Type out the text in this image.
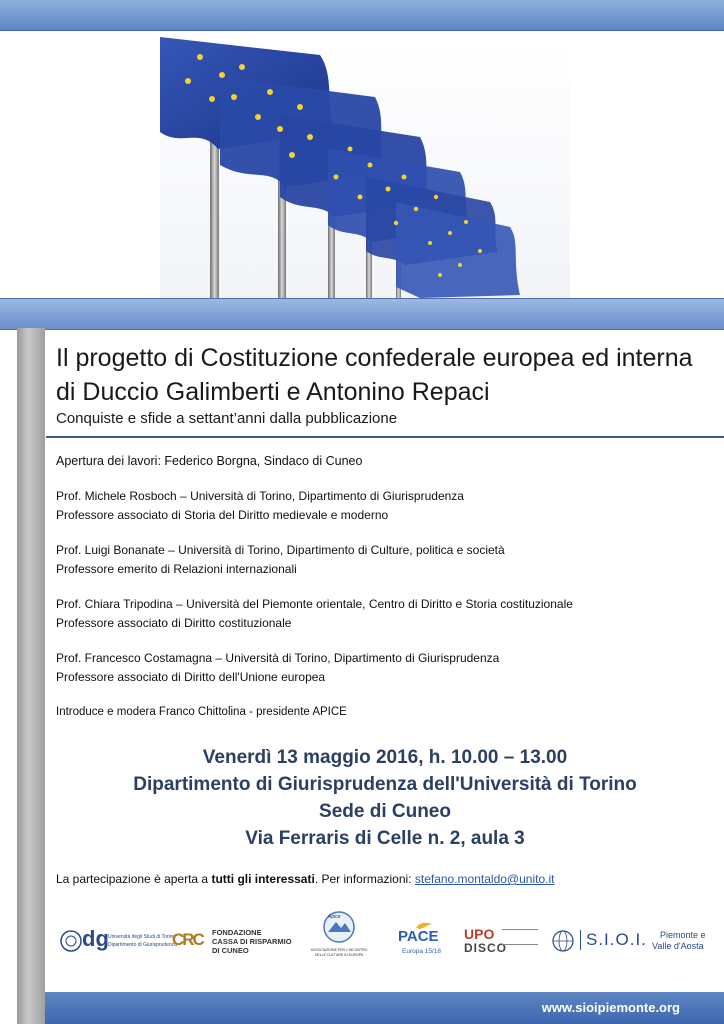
Il progetto di Costituzione confederale europea ed interna di Duccio Galimberti e Antonino Repaci
Conquiste e sfide a settant’anni dalla pubblicazione
Apertura dei lavori: Federico Borgna, Sindaco di Cuneo
Prof. Michele Rosboch – Università di Torino, Dipartimento di Giurisprudenza
Professore associato di Storia del Diritto medievale e moderno
Prof. Luigi Bonanate – Università di Torino, Dipartimento di Culture, politica e società
Professore emerito di Relazioni internazionali
Prof. Chiara Tripodina – Università del Piemonte orientale, Centro di Diritto e Storia costituzionale
Professore associato di Diritto costituzionale
Prof. Francesco Costamagna – Università di Torino, Dipartimento di Giurisprudenza
Professore associato di Diritto dell'Unione europea
Introduce e modera Franco Chittolina - presidente APICE
Venerdì 13 maggio 2016, h. 10.00 – 13.00
Dipartimento di Giurisprudenza dell'Università di Torino
Sede di Cuneo
Via Ferraris di Celle n. 2, aula 3
La partecipazione è aperta a tutti gli interessati. Per informazioni: stefano.montaldo@unito.it
dg Università degli Studi di Torino
Dipartimento di Giurisprudenza
CRC FONDAZIONE
CASSA DI RISPARMIO
DI CUNEO
Apice
ASSOCIAZIONE PER L'INCONTRO
DELLE CULTURE IN EUROPA
PACE
Europa 15/18
UPO
DISCO	S.I.O.I. Piemonte e
Valle d'Aosta
www.sioipiemonte.org
